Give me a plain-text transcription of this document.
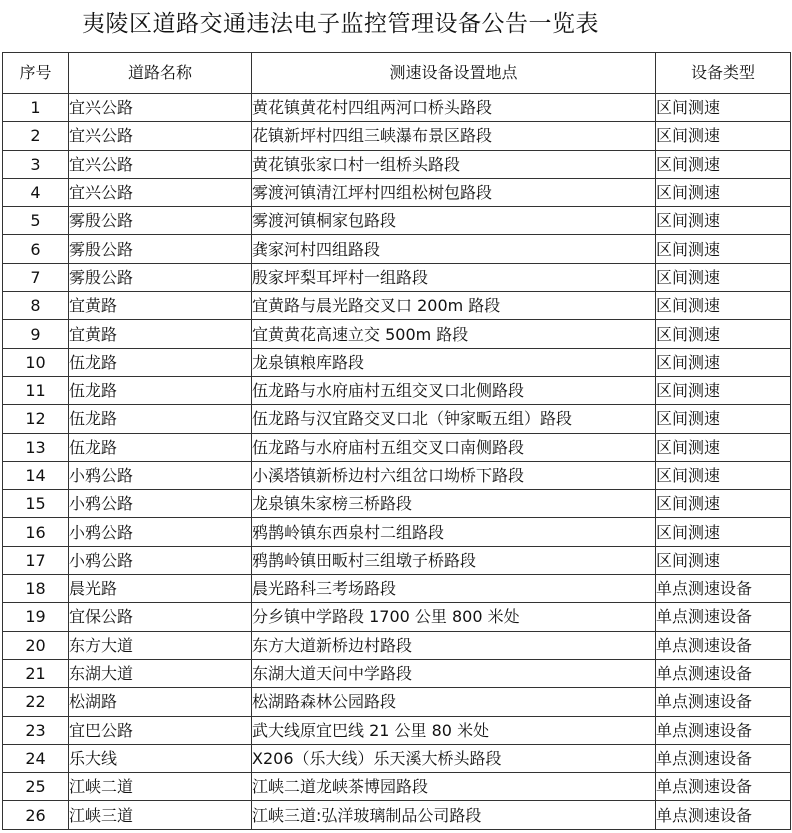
夷陵区道路交通违法电子监控管理设备公告一览表
序号	道路名称	测速设备设置地点	设备类型
1	宜兴公路	黄花镇黄花村四组两河口桥头路段	区间测速
2	宜兴公路	花镇新坪村四组三峡瀑布景区路段	区间测速
3	宜兴公路	黄花镇张家口村一组桥头路段	区间测速
4	宜兴公路	雾渡河镇清江坪村四组松树包路段	区间测速
5	雾殷公路	雾渡河镇桐家包路段	区间测速
6	雾殷公路	龚家河村四组路段	区间测速
7	雾殷公路	殷家坪梨耳坪村一组路段	区间测速
8	宜黄路	宜黄路与晨光路交叉口 200m 路段	区间测速
9	宜黄路	宜黄黄花高速立交 500m 路段	区间测速
10	伍龙路	龙泉镇粮库路段	区间测速
11	伍龙路	伍龙路与水府庙村五组交叉口北侧路段	区间测速
12	伍龙路	伍龙路与汉宜路交叉口北（钟家畈五组）路段	区间测速
13	伍龙路	伍龙路与水府庙村五组交叉口南侧路段	区间测速
14	小鸦公路	小溪塔镇新桥边村六组岔口坳桥下路段	区间测速
15	小鸦公路	龙泉镇朱家榜三桥路段	区间测速
16	小鸦公路	鸦鹊岭镇东西泉村二组路段	区间测速
17	小鸦公路	鸦鹊岭镇田畈村三组墩子桥路段	区间测速
18	晨光路	晨光路科三考场路段	单点测速设备
19	宜保公路	分乡镇中学路段 1700 公里 800 米处	单点测速设备
20	东方大道	东方大道新桥边村路段	单点测速设备
21	东湖大道	东湖大道天问中学路段	单点测速设备
22	松湖路	松湖路森林公园路段	单点测速设备
23	宜巴公路	武大线原宜巴线 21 公里 80 米处	单点测速设备
24	乐大线	X206（乐大线）乐天溪大桥头路段	单点测速设备
25	江峡二道	江峡二道龙峡茶博园路段	单点测速设备
26	江峡三道	江峡三道:弘洋玻璃制品公司路段	单点测速设备
